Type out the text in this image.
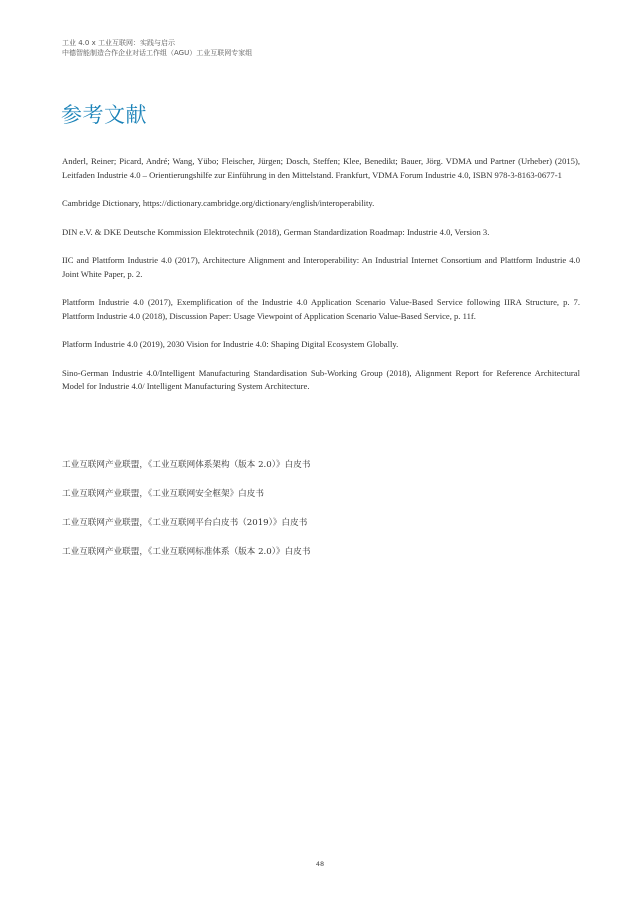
工业 4.0 x 工业互联网：实践与启示
中德智能制造合作企业对话工作组（AGU）工业互联网专家组
参考文献

Anderl, Reiner; Picard, André; Wang, Yübo; Fleischer, Jürgen; Dosch, Steffen; Klee, Benedikt; Bauer, Jörg. VDMA und Partner (Urheber) (2015), Leitfaden Industrie 4.0 – Orientierungshilfe zur Einführung in den Mittelstand. Frankfurt, VDMA Forum Industrie 4.0, ISBN 978-3-8163-0677-1

Cambridge Dictionary, https://dictionary.cambridge.org/dictionary/english/interoperability.

DIN e.V. & DKE Deutsche Kommission Elektrotechnik (2018), German Standardization Roadmap: Industrie 4.0, Version 3.

IIC and Plattform Industrie 4.0 (2017), Architecture Alignment and Interoperability: An Industrial Internet Consortium and Plattform Industrie 4.0 Joint White Paper, p. 2.

Plattform Industrie 4.0 (2017), Exemplification of the Industrie 4.0 Application Scenario Value-Based Service following IIRA Structure, p. 7. Plattform Industrie 4.0 (2018), Discussion Paper: Usage Viewpoint of Application Scenario Value-Based Service, p. 11f.

Platform Industrie 4.0 (2019), 2030 Vision for Industrie 4.0: Shaping Digital Ecosystem Globally.

Sino-German Industrie 4.0/Intelligent Manufacturing Standardisation Sub-Working Group (2018), Alignment Report for Reference Architectural Model for Industrie 4.0/ Intelligent Manufacturing System Architecture.

工业互联网产业联盟，《工业互联网体系架构（版本 2.0）》白皮书

工业互联网产业联盟，《工业互联网安全框架》白皮书

工业互联网产业联盟，《工业互联网平台白皮书（2019）》白皮书

工业互联网产业联盟，《工业互联网标准体系（版本 2.0）》白皮书

48
